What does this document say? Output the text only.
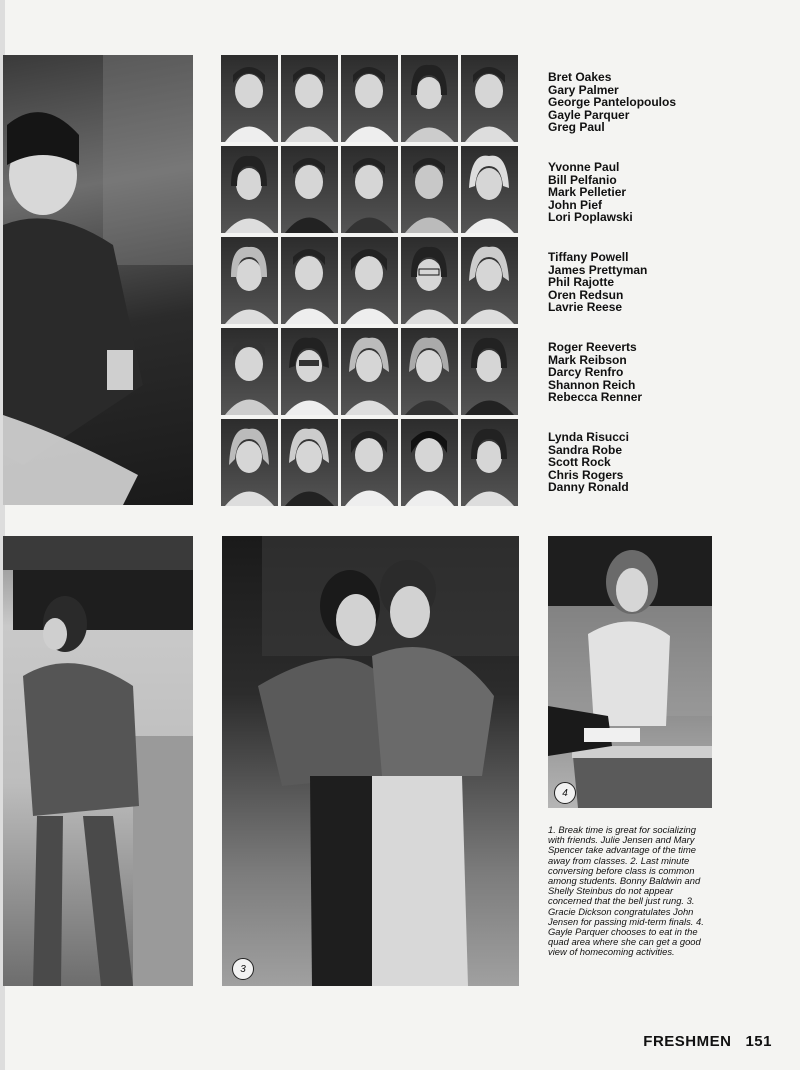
Bret Oakes
Gary Palmer
George Pantelopoulos
Gayle Parquer
Greg Paul
Yvonne Paul
Bill Pelfanio
Mark Pelletier
John Pief
Lori Poplawski
Tiffany Powell
James Prettyman
Phil Rajotte
Oren Redsun
Lavrie Reese
Roger Reeverts
Mark Reibson
Darcy Renfro
Shannon Reich
Rebecca Renner
Lynda Risucci
Sandra Robe
Scott Rock
Chris Rogers
Danny Ronald
3
4

1. Break time is great for socializing with friends. Julie Jensen and Mary Spencer take advantage of the time away from classes. 2. Last minute conversing before class is common among students. Bonny Baldwin and Shelly Steinbus do not appear concerned that the bell just rung. 3. Gracie Dickson congratulates John Jensen for passing mid-term finals. 4. Gayle Parquer chooses to eat in the quad area where she can get a good view of homecoming activities.

FRESHMEN 151
